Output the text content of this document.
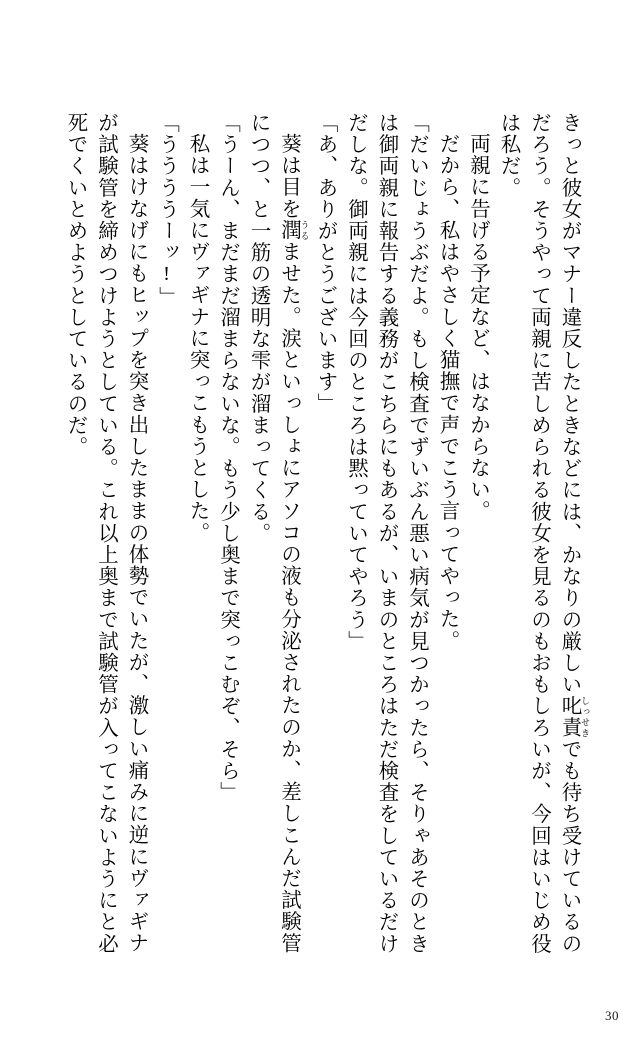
きっと彼女がマナー違反したときなどには、かなりの厳しい叱責 しっせきでも待ち受けているのだろう。そうやって両親に苦しめられる彼女を見るのもおもしろいが、今回はいじめ役は私だ。

両親に告げる予定など、はなからない。

だから、私はやさしく猫撫で声でこう言ってやった。

「だいじょうぶだよ。もし検査でずいぶん悪い病気が見つかったら、そりゃあそのときは御両親に報告する義務がこちらにもあるが、いまのところはただ検査をしているだけだしな。御両親には今回のところは黙っていてやろう」

「あ、ありがとうございます」

葵は目を潤 うるませた。涙といっしょにアソコの液も分泌されたのか、差しこんだ試験管につつ、と一筋の透明な雫が溜まってくる。

「うーん、まだまだ溜まらないな。もう少し奥まで突っこむぞ、そら」

私は一気にヴァギナに突っこもうとした。

「ううううーッ!」

葵はけなげにもヒップを突き出したままの体勢でいたが、激しい痛みに逆にヴァギナが試験管を締めつけようとしている。これ以上奥まで試験管が入ってこないようにと必死でくいとめようとしているのだ。

30
